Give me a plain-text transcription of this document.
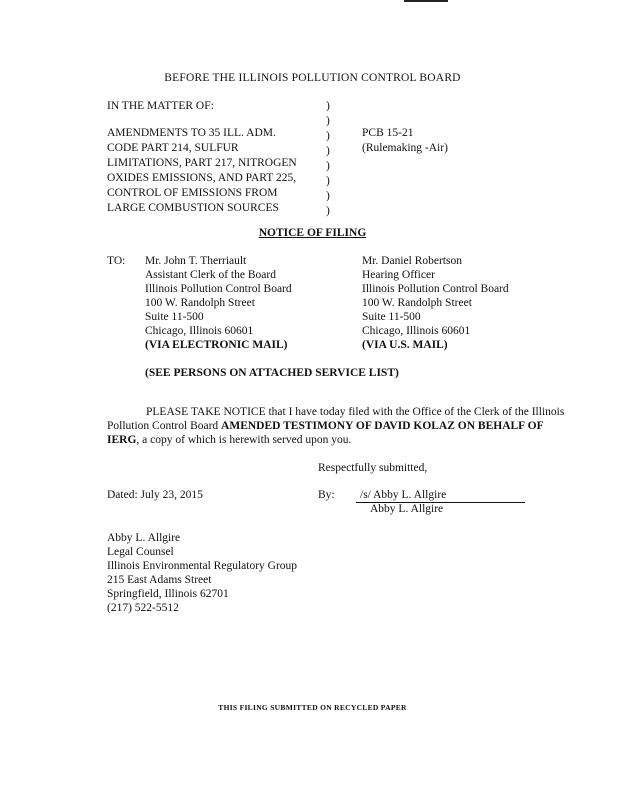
BEFORE THE ILLINOIS POLLUTION CONTROL BOARD
IN THE MATTER OF:
AMENDMENTS TO 35 ILL. ADM.
CODE PART 214, SULFUR
LIMITATIONS, PART 217, NITROGEN
OXIDES EMISSIONS, AND PART 225,
CONTROL OF EMISSIONS FROM
LARGE COMBUSTION SOURCES
)
)
)
)
)
)
)
)
PCB 15-21
(Rulemaking -Air)
NOTICE OF FILING
TO: Mr. John T. Therriault
Assistant Clerk of the Board
Illinois Pollution Control Board
100 W. Randolph Street
Suite 11-500
Chicago, Illinois 60601
(VIA ELECTRONIC MAIL)
Mr. Daniel Robertson
Hearing Officer
Illinois Pollution Control Board
100 W. Randolph Street
Suite 11-500
Chicago, Illinois 60601
(VIA U.S. MAIL)
(SEE PERSONS ON ATTACHED SERVICE LIST)
PLEASE TAKE NOTICE that I have today filed with the Office of the Clerk of the Illinois Pollution Control Board AMENDED TESTIMONY OF DAVID KOLAZ ON BEHALF OF IERG, a copy of which is herewith served upon you.
Respectfully submitted,
Dated: July 23, 2015	By:	/s/ Abby L. Allgire
Abby L. Allgire
Abby L. Allgire
Legal Counsel
Illinois Environmental Regulatory Group
215 East Adams Street
Springfield, Illinois 62701
(217) 522-5512
THIS FILING SUBMITTED ON RECYCLED PAPER
